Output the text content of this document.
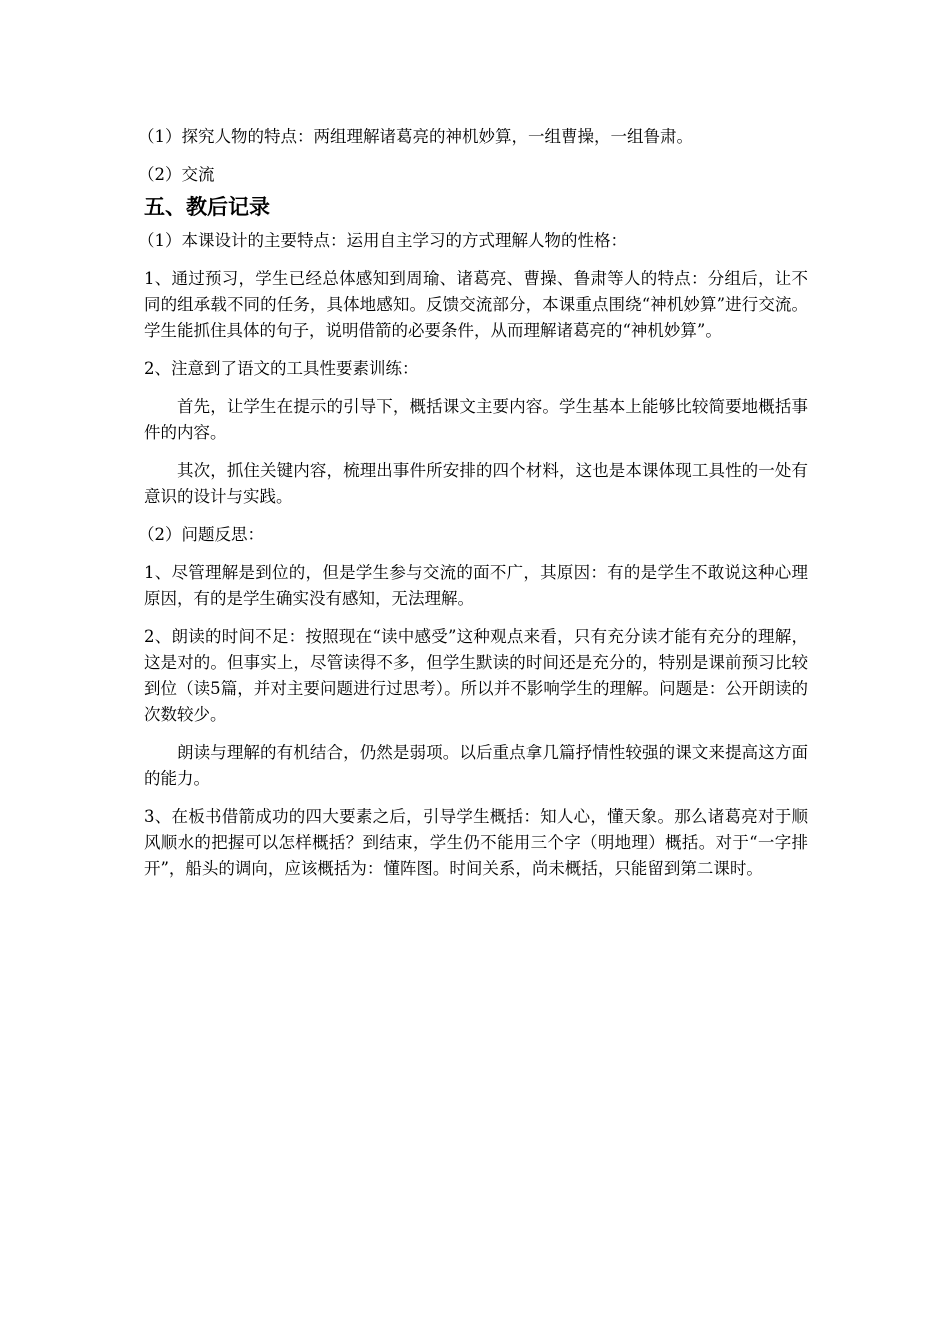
（1）探究人物的特点：两组理解诸葛亮的神机妙算，一组曹操，一组鲁肃。

（2）交流

五、教后记录

（1）本课设计的主要特点：运用自主学习的方式理解人物的性格：

1、通过预习，学生已经总体感知到周瑜、诸葛亮、曹操、鲁肃等人的特点：分组后，让不同的组承载不同的任务，具体地感知。反馈交流部分，本课重点围绕“神机妙算”进行交流。学生能抓住具体的句子，说明借箭的必要条件，从而理解诸葛亮的“神机妙算”。

2、注意到了语文的工具性要素训练：

首先，让学生在提示的引导下，概括课文主要内容。学生基本上能够比较简要地概括事件的内容。

其次，抓住关键内容，梳理出事件所安排的四个材料，这也是本课体现工具性的一处有意识的设计与实践。

（2）问题反思：

1、尽管理解是到位的，但是学生参与交流的面不广，其原因：有的是学生不敢说这种心理原因，有的是学生确实没有感知，无法理解。

2、朗读的时间不足：按照现在“读中感受”这种观点来看，只有充分读才能有充分的理解，这是对的。但事实上，尽管读得不多，但学生默读的时间还是充分的，特别是课前预习比较到位（读5篇，并对主要问题进行过思考）。所以并不影响学生的理解。问题是：公开朗读的次数较少。

朗读与理解的有机结合，仍然是弱项。以后重点拿几篇抒情性较强的课文来提高这方面的能力。

3、在板书借箭成功的四大要素之后，引导学生概括：知人心，懂天象。那么诸葛亮对于顺风顺水的把握可以怎样概括？到结束，学生仍不能用三个字（明地理）概括。对于“一字排开”，船头的调向，应该概括为：懂阵图。时间关系，尚未概括，只能留到第二课时。
